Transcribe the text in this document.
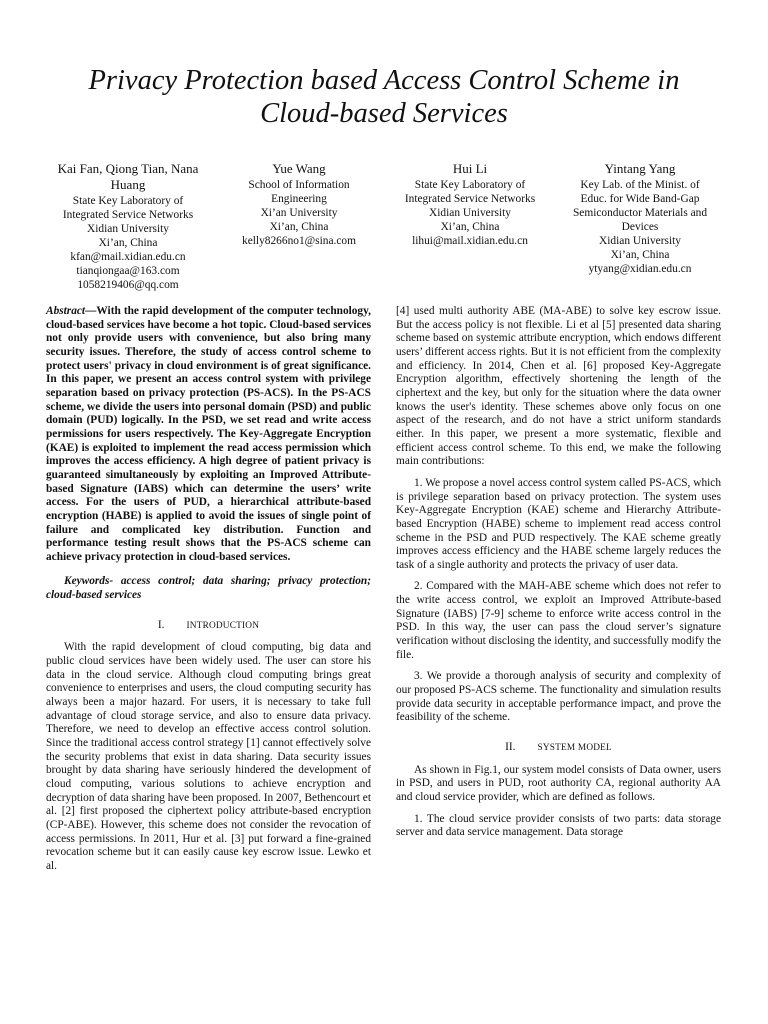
Privacy Protection based Access Control Scheme in
Cloud-based Services
Kai Fan, Qiong Tian, Nana
Huang
State Key Laboratory of
Integrated Service Networks
Xidian University
Xi’an, China
kfan@mail.xidian.edu.cn
tianqiongaa@163.com
1058219406@qq.com
Yue Wang
School of Information
Engineering
Xi’an University
Xi’an, China
kelly8266no1@sina.com
Hui Li
State Key Laboratory of
Integrated Service Networks
Xidian University
Xi’an, China
lihui@mail.xidian.edu.cn
Yintang Yang
Key Lab. of the Minist. of
Educ. for Wide Band-Gap
Semiconductor Materials and
Devices
Xidian University
Xi’an, China
ytyang@xidian.edu.cn

Abstract—With the rapid development of the computer technology, cloud-based services have become a hot topic. Cloud-based services not only provide users with convenience, but also bring many security issues. Therefore, the study of access control scheme to protect users' privacy in cloud environment is of great significance. In this paper, we present an access control system with privilege separation based on privacy protection (PS-ACS). In the PS-ACS scheme, we divide the users into personal domain (PSD) and public domain (PUD) logically. In the PSD, we set read and write access permissions for users respectively. The Key-Aggregate Encryption (KAE) is exploited to implement the read access permission which improves the access efficiency. A high degree of patient privacy is guaranteed simultaneously by exploiting an Improved Attribute-based Signature (IABS) which can determine the users’ write access. For the users of PUD, a hierarchical attribute-based encryption (HABE) is applied to avoid the issues of single point of failure and complicated key distribution. Function and performance testing result shows that the PS-ACS scheme can achieve privacy protection in cloud-based services.

Keywords- access control; data sharing; privacy protection; cloud-based services

I. INTRODUCTION

With the rapid development of cloud computing, big data and public cloud services have been widely used. The user can store his data in the cloud service. Although cloud computing brings great convenience to enterprises and users, the cloud computing security has always been a major hazard. For users, it is necessary to take full advantage of cloud storage service, and also to ensure data privacy. Therefore, we need to develop an effective access control solution. Since the traditional access control strategy [1] cannot effectively solve the security problems that exist in data sharing. Data security issues brought by data sharing have seriously hindered the development of cloud computing, various solutions to achieve encryption and decryption of data sharing have been proposed. In 2007, Bethencourt et al. [2] first proposed the ciphertext policy attribute-based encryption (CP-ABE). However, this scheme does not consider the revocation of access permissions. In 2011, Hur et al. [3] put forward a fine-grained revocation scheme but it can easily cause key escrow issue. Lewko et al.

[4] used multi authority ABE (MA-ABE) to solve key escrow issue. But the access policy is not flexible. Li et al [5] presented data sharing scheme based on systemic attribute encryption, which endows different users’ different access rights. But it is not efficient from the complexity and efficiency. In 2014, Chen et al. [6] proposed Key-Aggregate Encryption algorithm, effectively shortening the length of the ciphertext and the key, but only for the situation where the data owner knows the user's identity. These schemes above only focus on one aspect of the research, and do not have a strict uniform standards either. In this paper, we present a more systematic, flexible and efficient access control scheme. To this end, we make the following main contributions:

1. We propose a novel access control system called PS-ACS, which is privilege separation based on privacy protection. The system uses Key-Aggregate Encryption (KAE) scheme and Hierarchy Attribute-based Encryption (HABE) scheme to implement read access control scheme in the PSD and PUD respectively. The KAE scheme greatly improves access efficiency and the HABE scheme largely reduces the task of a single authority and protects the privacy of user data.

2. Compared with the MAH-ABE scheme which does not refer to the write access control, we exploit an Improved Attribute-based Signature (IABS) [7-9] scheme to enforce write access control in the PSD. In this way, the user can pass the cloud server’s signature verification without disclosing the identity, and successfully modify the file.

3. We provide a thorough analysis of security and complexity of our proposed PS-ACS scheme. The functionality and simulation results provide data security in acceptable performance impact, and prove the feasibility of the scheme.

II. SYSTEM MODEL

As shown in Fig.1, our system model consists of Data owner, users in PSD, and users in PUD, root authority CA, regional authority AA and cloud service provider, which are defined as follows.

1. The cloud service provider consists of two parts: data storage server and data service management. Data storage
